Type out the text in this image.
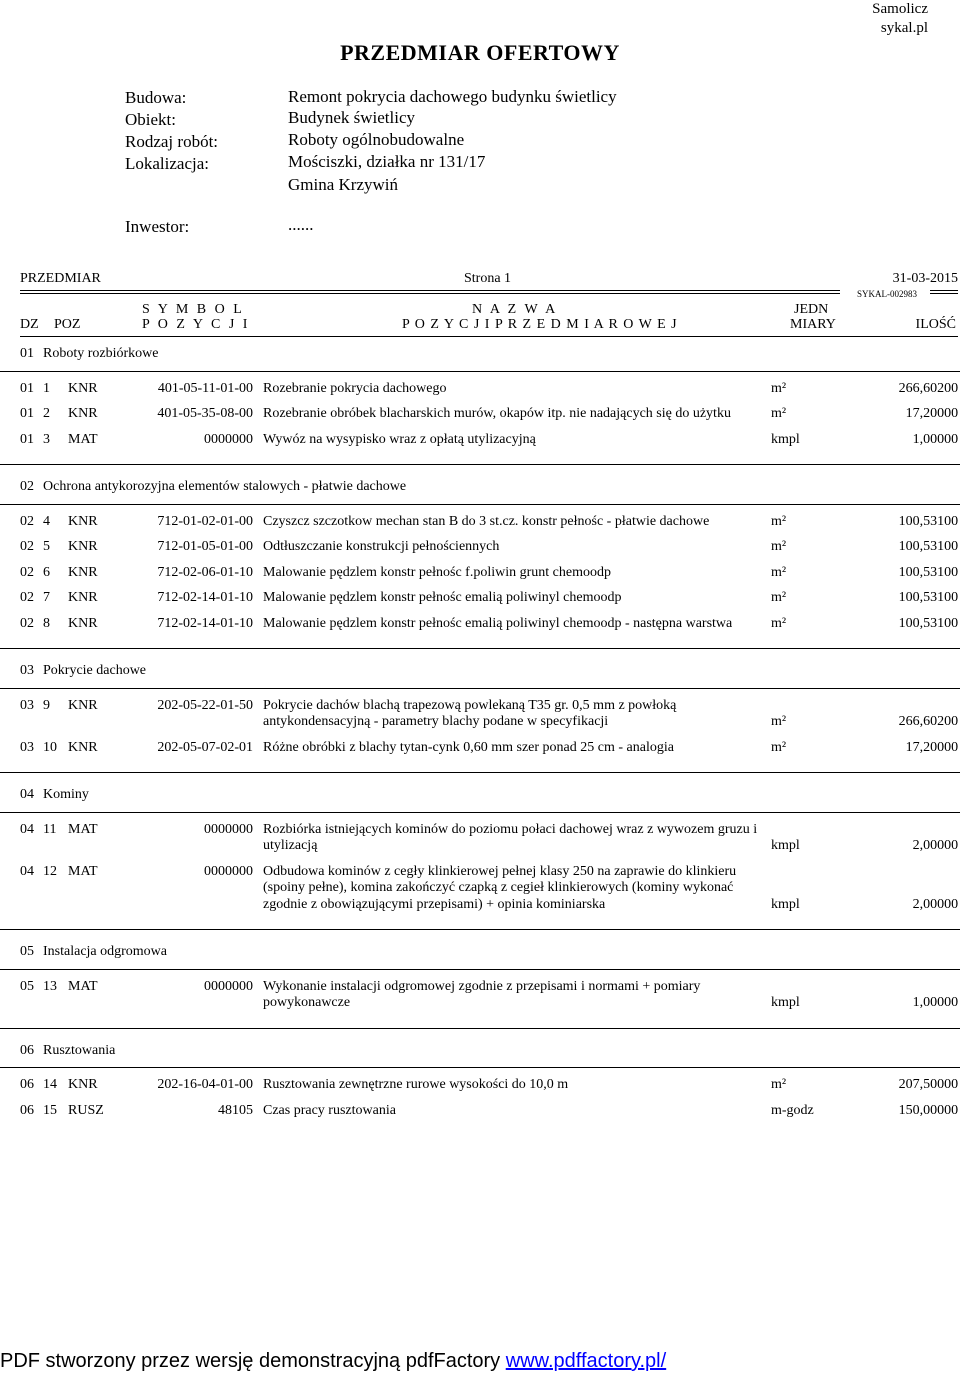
Samolicz
sykal.pl
PRZEDMIAR OFERTOWY
Budowa:	Remont pokrycia dachowego budynku świetlicy
Obiekt:	Budynek świetlicy
Rodzaj robót:	Roboty ogólnobudowalne
Lokalizacja:	Mościszki, działka nr 131/17
Gmina Krzywiń
Inwestor:	......
PRZEDMIAR	Strona 1	31-03-2015
SYKAL-002983
S Y M B O L	N A Z W A	JEDN
DZ POZ	P O Z Y C J I	P O Z Y C J I P R Z E D M I A R O W E J	MIARY	ILOŚĆ
01	Roboty rozbiórkowe					

01	1	KNR	401-05-11-01-00	Rozebranie pokrycia dachowego	m²	266,60200
01	2	KNR	401-05-35-08-00	Rozebranie obróbek blacharskich murów, okapów itp. nie nadających się do użytku	m²	17,20000
01	3	MAT	0000000	Wywóz na wysypisko wraz z opłatą utylizacyjną	kmpl	1,00000
02	Ochrona antykorozyjna elementów stalowych - płatwie dachowe					

02	4	KNR	712-01-02-01-00	Czyszcz szczotkow mechan stan B do 3 st.cz. konstr pełnośc - płatwie dachowe	m²	100,53100
02	5	KNR	712-01-05-01-00	Odtłuszczanie konstrukcji pełnościennych	m²	100,53100
02	6	KNR	712-02-06-01-10	Malowanie pędzlem konstr pełnośc f.poliwin grunt chemoodp	m²	100,53100
02	7	KNR	712-02-14-01-10	Malowanie pędzlem konstr pełnośc emalią poliwinyl chemoodp	m²	100,53100
02	8	KNR	712-02-14-01-10	Malowanie pędzlem konstr pełnośc emalią poliwinyl chemoodp - następna warstwa	m²	100,53100
03	Pokrycie dachowe					

03	9	KNR	202-05-22-01-50	Pokrycie dachów blachą trapezową powlekaną T35 gr. 0,5 mm z powłoką antykondensacyjną - parametry blachy podane w specyfikacji	m²	266,60200
03	10	KNR	202-05-07-02-01	Różne obróbki z blachy tytan-cynk 0,60 mm szer ponad 25 cm - analogia	m²	17,20000
04	Kominy					

04	11	MAT	0000000	Rozbiórka istniejących kominów do poziomu połaci dachowej wraz z wywozem gruzu i utylizacją	kmpl	2,00000
04	12	MAT	0000000	Odbudowa kominów z cegły klinkierowej pełnej klasy 250 na zaprawie do klinkieru (spoiny pełne), komina zakończyć czapką z cegieł klinkierowych (kominy wykonać zgodnie z obowiązującymi przepisami) + opinia kominiarska	kmpl	2,00000
05	Instalacja odgromowa					

05	13	MAT	0000000	Wykonanie instalacji odgromowej zgodnie z przepisami i normami + pomiary powykonawcze	kmpl	1,00000
06	Rusztowania					

06	14	KNR	202-16-04-01-00	Rusztowania zewnętrzne rurowe wysokości do 10,0 m	m²	207,50000
06	15	RUSZ	48105	Czas pracy rusztowania	m-godz	150,00000
PDF stworzony przez wersję demonstracyjną pdfFactory www.pdffactory.pl/
